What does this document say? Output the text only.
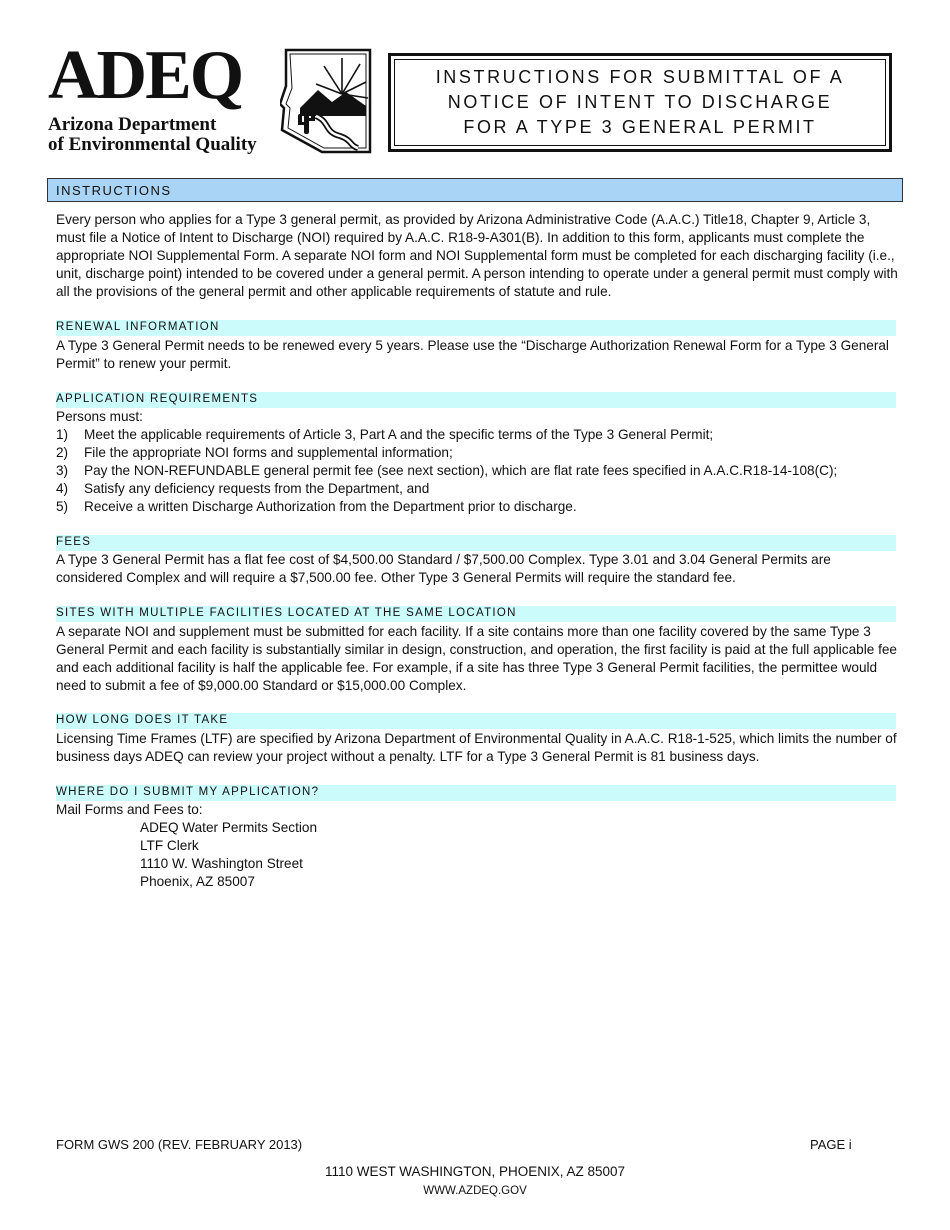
ADEQ
Arizona Department
of Environmental Quality
INSTRUCTIONS FOR SUBMITTAL OF A
NOTICE OF INTENT TO DISCHARGE
FOR A TYPE 3 GENERAL PERMIT
INSTRUCTIONS

Every person who applies for a Type 3 general permit, as provided by Arizona Administrative Code (A.A.C.) Title18, Chapter 9, Article 3, must file a Notice of Intent to Discharge (NOI) required by A.A.C. R18-9-A301(B). In addition to this form, applicants must complete the appropriate NOI Supplemental Form. A separate NOI form and NOI Supplemental form must be completed for each discharging facility (i.e., unit, discharge point) intended to be covered under a general permit. A person intending to operate under a general permit must comply with all the provisions of the general permit and other applicable requirements of statute and rule.

RENEWAL INFORMATION

A Type 3 General Permit needs to be renewed every 5 years. Please use the “Discharge Authorization Renewal Form for a Type 3 General Permit” to renew your permit.

APPLICATION REQUIREMENTS

Persons must:

1) Meet the applicable requirements of Article 3, Part A and the specific terms of the Type 3 General Permit;
2) File the appropriate NOI forms and supplemental information;
3) Pay the NON-REFUNDABLE general permit fee (see next section), which are flat rate fees specified in A.A.C.R18-14-108(C);
4) Satisfy any deficiency requests from the Department, and
5) Receive a written Discharge Authorization from the Department prior to discharge.
FEES

A Type 3 General Permit has a flat fee cost of $4,500.00 Standard / $7,500.00 Complex. Type 3.01 and 3.04 General Permits are considered Complex and will require a $7,500.00 fee. Other Type 3 General Permits will require the standard fee.

SITES WITH MULTIPLE FACILITIES LOCATED AT THE SAME LOCATION

A separate NOI and supplement must be submitted for each facility. If a site contains more than one facility covered by the same Type 3 General Permit and each facility is substantially similar in design, construction, and operation, the first facility is paid at the full applicable fee and each additional facility is half the applicable fee. For example, if a site has three Type 3 General Permit facilities, the permittee would need to submit a fee of $9,000.00 Standard or $15,000.00 Complex.

HOW LONG DOES IT TAKE

Licensing Time Frames (LTF) are specified by Arizona Department of Environmental Quality in A.A.C. R18-1-525, which limits the number of business days ADEQ can review your project without a penalty. LTF for a Type 3 General Permit is 81 business days.

WHERE DO I SUBMIT MY APPLICATION?

Mail Forms and Fees to:

ADEQ Water Permits Section
LTF Clerk
1110 W. Washington Street
Phoenix, AZ 85007
FORM GWS 200 (REV. FEBRUARY 2013)	PAGE i
1110 WEST WASHINGTON, PHOENIX, AZ 85007
WWW.AZDEQ.GOV
